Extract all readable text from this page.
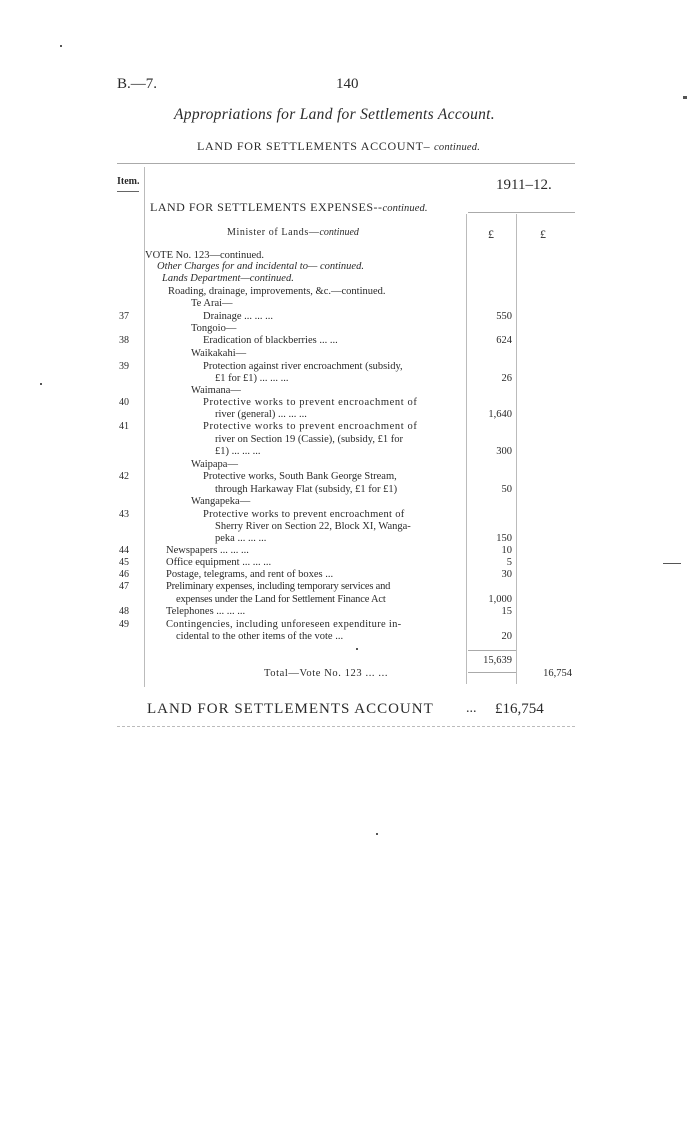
B.—7.	140
Appropriations for Land for Settlements Account.
LAND FOR SETTLEMENTS ACCOUNT– continued.
Item.	1911–12.
LAND FOR SETTLEMENTS EXPENSES--continued.
Minister of Lands—continued	£	£
VOTE No. 123—continued.
Other Charges for and incidental to— continued.
Lands Department—continued.
Roading, drainage, improvements, &c.—continued.
Te Arai—
37	Drainage ... ... ...	550
Tongoio—
38	Eradication of blackberries ... ...	624
Waikakahi—
39	Protection against river encroachment (subsidy,
£1 for £1) ... ... ...	26
Waimana—
40	Protective works to prevent encroachment of
river (general) ... ... ...	1,640
41	Protective works to prevent encroachment of
river on Section 19 (Cassie), (subsidy, £1 for
£1) ... ... ...	300
Waipapa—
42	Protective works, South Bank George Stream,
through Harkaway Flat (subsidy, £1 for £1)	50
Wangapeka—
43	Protective works to prevent encroachment of
Sherry River on Section 22, Block XI, Wanga-
peka ... ... ...	150
44	Newspapers ... ... ...	10
45	Office equipment ... ... ...	5
46	Postage, telegrams, and rent of boxes ...	30
47	Preliminary expenses, including temporary services and
expenses under the Land for Settlement Finance Act	1,000
48	Telephones ... ... ...	15
49	Contingencies, including unforeseen expenditure in-
cidental to the other items of the vote ...	20
15,639
Total—Vote No. 123 ... ...	16,754
LAND FOR SETTLEMENTS ACCOUNT ... £16,754
